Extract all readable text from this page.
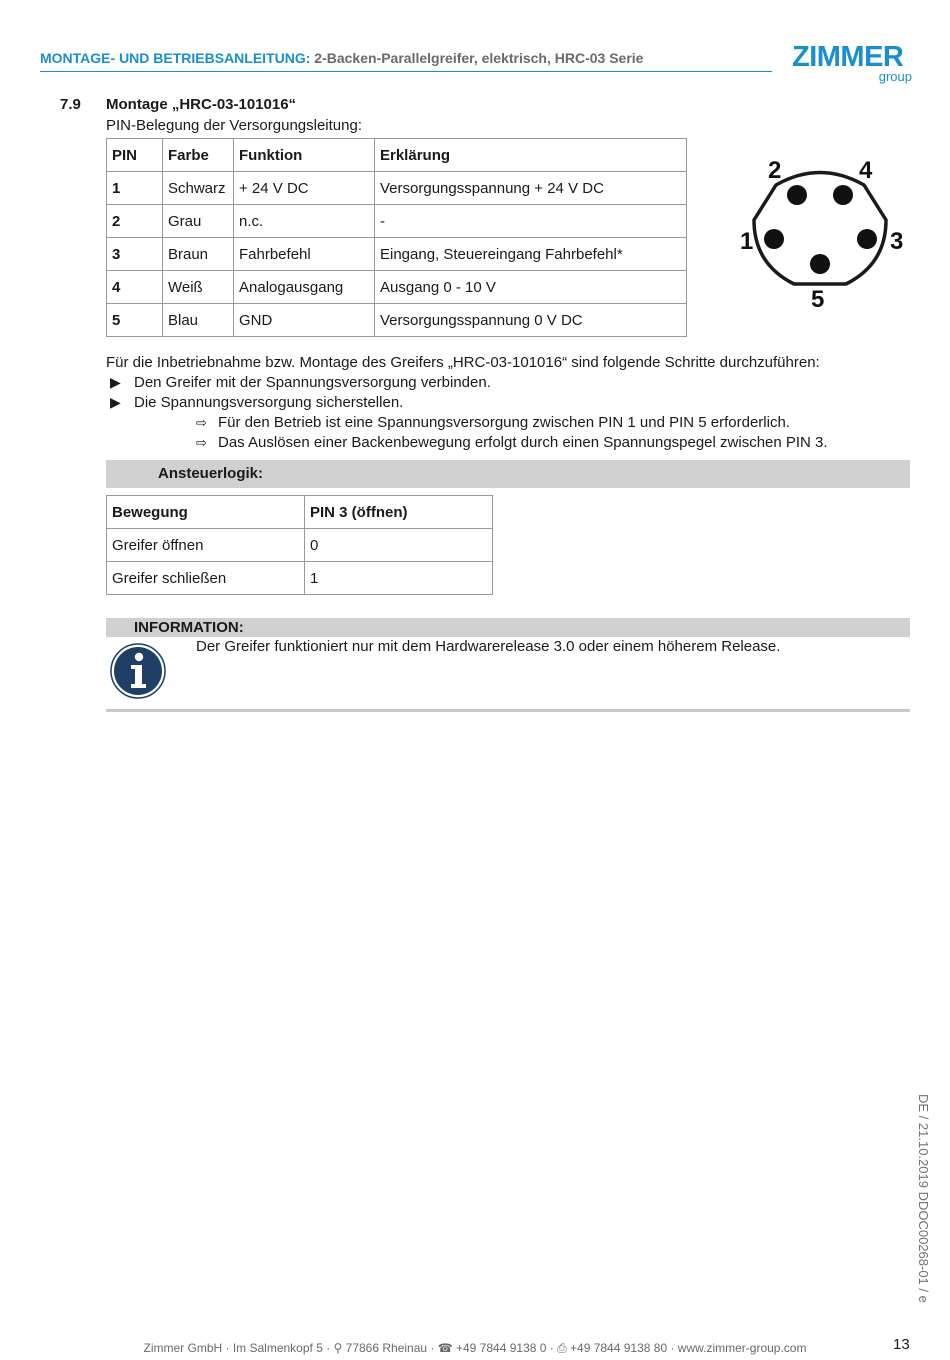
MONTAGE- UND BETRIEBSANLEITUNG: 2-Backen-Parallelgreifer, elektrisch, HRC-03 Serie	ZIMMER
group
7.9 Montage „HRC-03-101016“
PIN-Belegung der Versorgungsleitung:
PIN	Farbe	Funktion	Erklärung
1	Schwarz	+ 24 V DC	Versorgungsspannung + 24 V DC
2	Grau	n.c.	-
3	Braun	Fahrbefehl	Eingang, Steuereingang Fahrbefehl*
4	Weiß	Analogausgang	Ausgang 0 - 10 V
5	Blau	GND	Versorgungsspannung 0 V DC
1
2
3
4
5
Für die Inbetriebnahme bzw. Montage des Greifers „HRC-03-101016“ sind folgende Schritte durchzuführen:
▶ Den Greifer mit der Spannungsversorgung verbinden.
▶ Die Spannungsversorgung sicherstellen.
⇨ Für den Betrieb ist eine Spannungsversorgung zwischen PIN 1 und PIN 5 erforderlich.
⇨ Das Auslösen einer Backenbewegung erfolgt durch einen Spannungspegel zwischen PIN 3.
Ansteuerlogik:
Bewegung	PIN 3 (öffnen)
Greifer öffnen	0
Greifer schließen	1
INFORMATION:
Der Greifer funktioniert nur mit dem Hardwarerelease 3.0 oder einem höherem Release.
DE / 21.10.2019 DDOC00268-01 / e
Zimmer GmbH · Im Salmenkopf 5 · ⚲ 77866 Rheinau · ☎ +49 7844 9138 0 · ⎙ +49 7844 9138 80 · www.zimmer-group.com	13
